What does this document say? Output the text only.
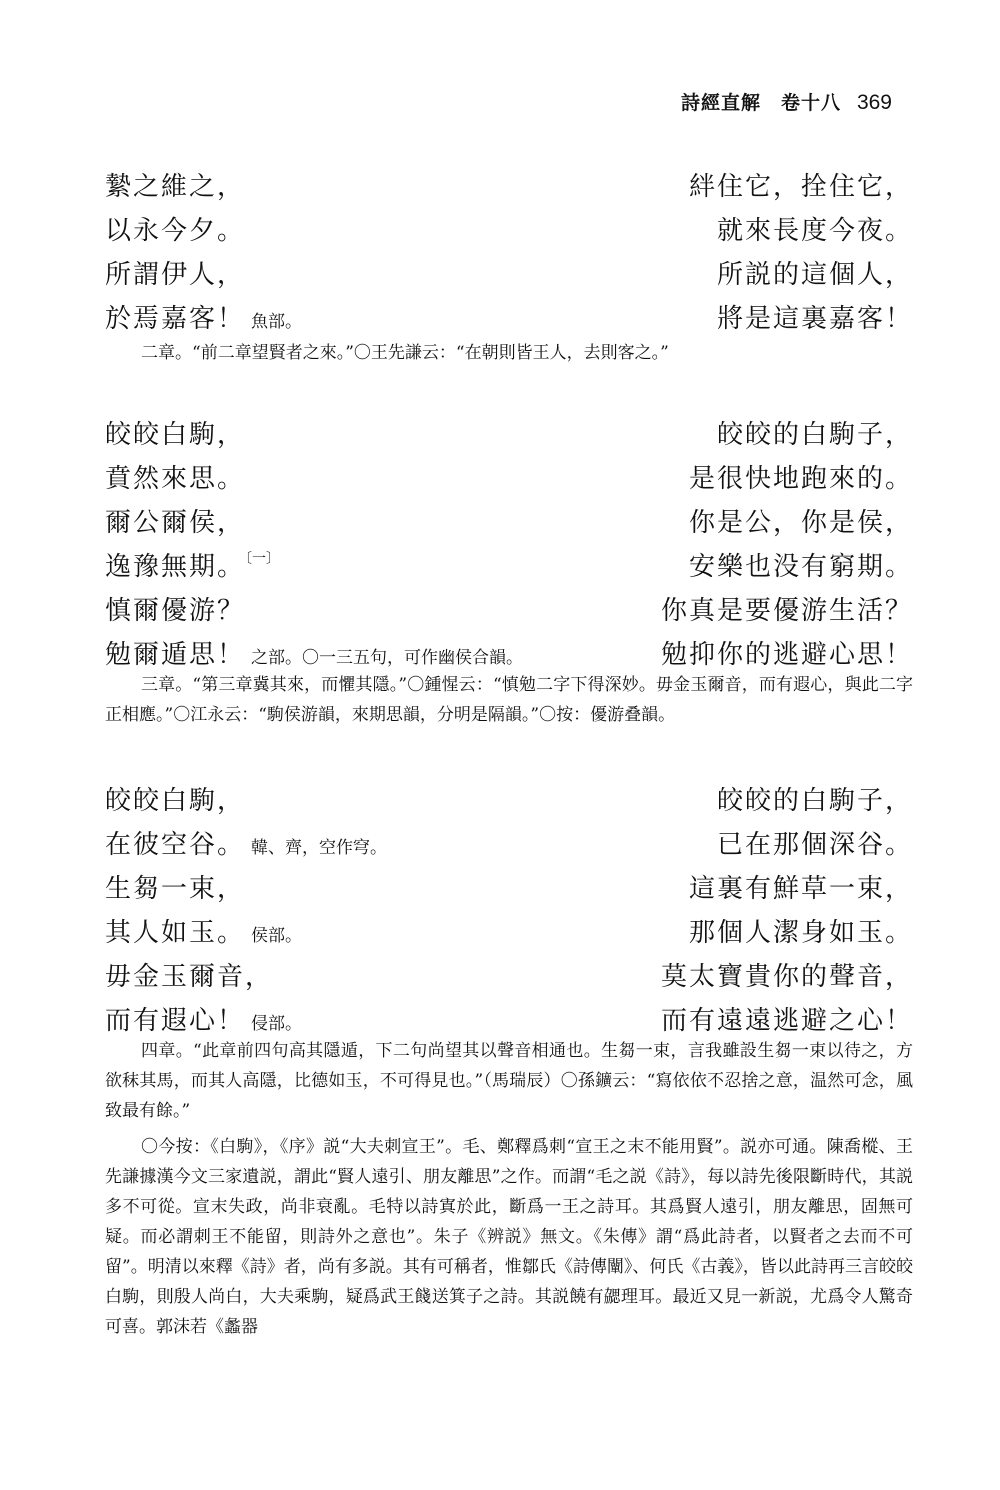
詩經直解　卷十八 369
縶之維之，	絆住它，拴住它，
以永今夕。	就來長度今夜。
所謂伊人，	所説的這個人，
於焉嘉客！ 魚部。	將是這裏嘉客！

二章。“前二章望賢者之來。”〇王先謙云：“在朝則皆王人，去則客之。”

皎皎白駒，	皎皎的白駒子，
賁然來思。	是很快地跑來的。
爾公爾侯，	你是公，你是侯，
逸豫無期。$^{〔一〕}$	安樂也没有窮期。
慎爾優游？	你真是要優游生活？
勉爾遁思！ 之部。〇一三五句，可作幽侯合韻。	勉抑你的逃避心思！

三章。“第三章冀其來，而懼其隱。”〇鍾惺云：“慎勉二字下得深妙。毋金玉爾音，而有遐心，與此二字正相應。”〇江永云：“駒侯游韻，來期思韻，分明是隔韻。”〇按：優游叠韻。

皎皎白駒，	皎皎的白駒子，
在彼空谷。 韓、齊，空作穹。	已在那個深谷。
生芻一束，	這裏有鮮草一束，
其人如玉。 侯部。	那個人潔身如玉。
毋金玉爾音，	莫太寶貴你的聲音，
而有遐心！ 侵部。	而有遠遠逃避之心！

四章。“此章前四句高其隱遁，下二句尚望其以聲音相通也。生芻一束，言我雖設生芻一束以待之，方欲秣其馬，而其人高隱，比德如玉，不可得見也。”（馬瑞辰）〇孫鑛云：“寫依依不忍捨之意，温然可念，風致最有餘。”

〇今按：《白駒》，《序》説“大夫刺宣王”。毛、鄭釋爲刺“宣王之末不能用賢”。説亦可通。陳喬樅、王先謙據漢今文三家遺説，謂此“賢人遠引、朋友離思”之作。而謂“毛之説《詩》，每以詩先後限斷時代，其説多不可從。宣末失政，尚非衰亂。毛特以詩寘於此，斷爲一王之詩耳。其爲賢人遠引，朋友離思，固無可疑。而必謂刺王不能留，則詩外之意也”。朱子《辨説》無文。《朱傳》謂“爲此詩者，以賢者之去而不可留”。明清以來釋《詩》者，尚有多説。其有可稱者，惟鄒氏《詩傳闡》、何氏《古義》，皆以此詩再三言皎皎白駒，則殷人尚白，大夫乘駒，疑爲武王餞送箕子之詩。其説饒有勰理耳。最近又見一新説，尤爲令人驚奇可喜。郭沫若《蠡器
